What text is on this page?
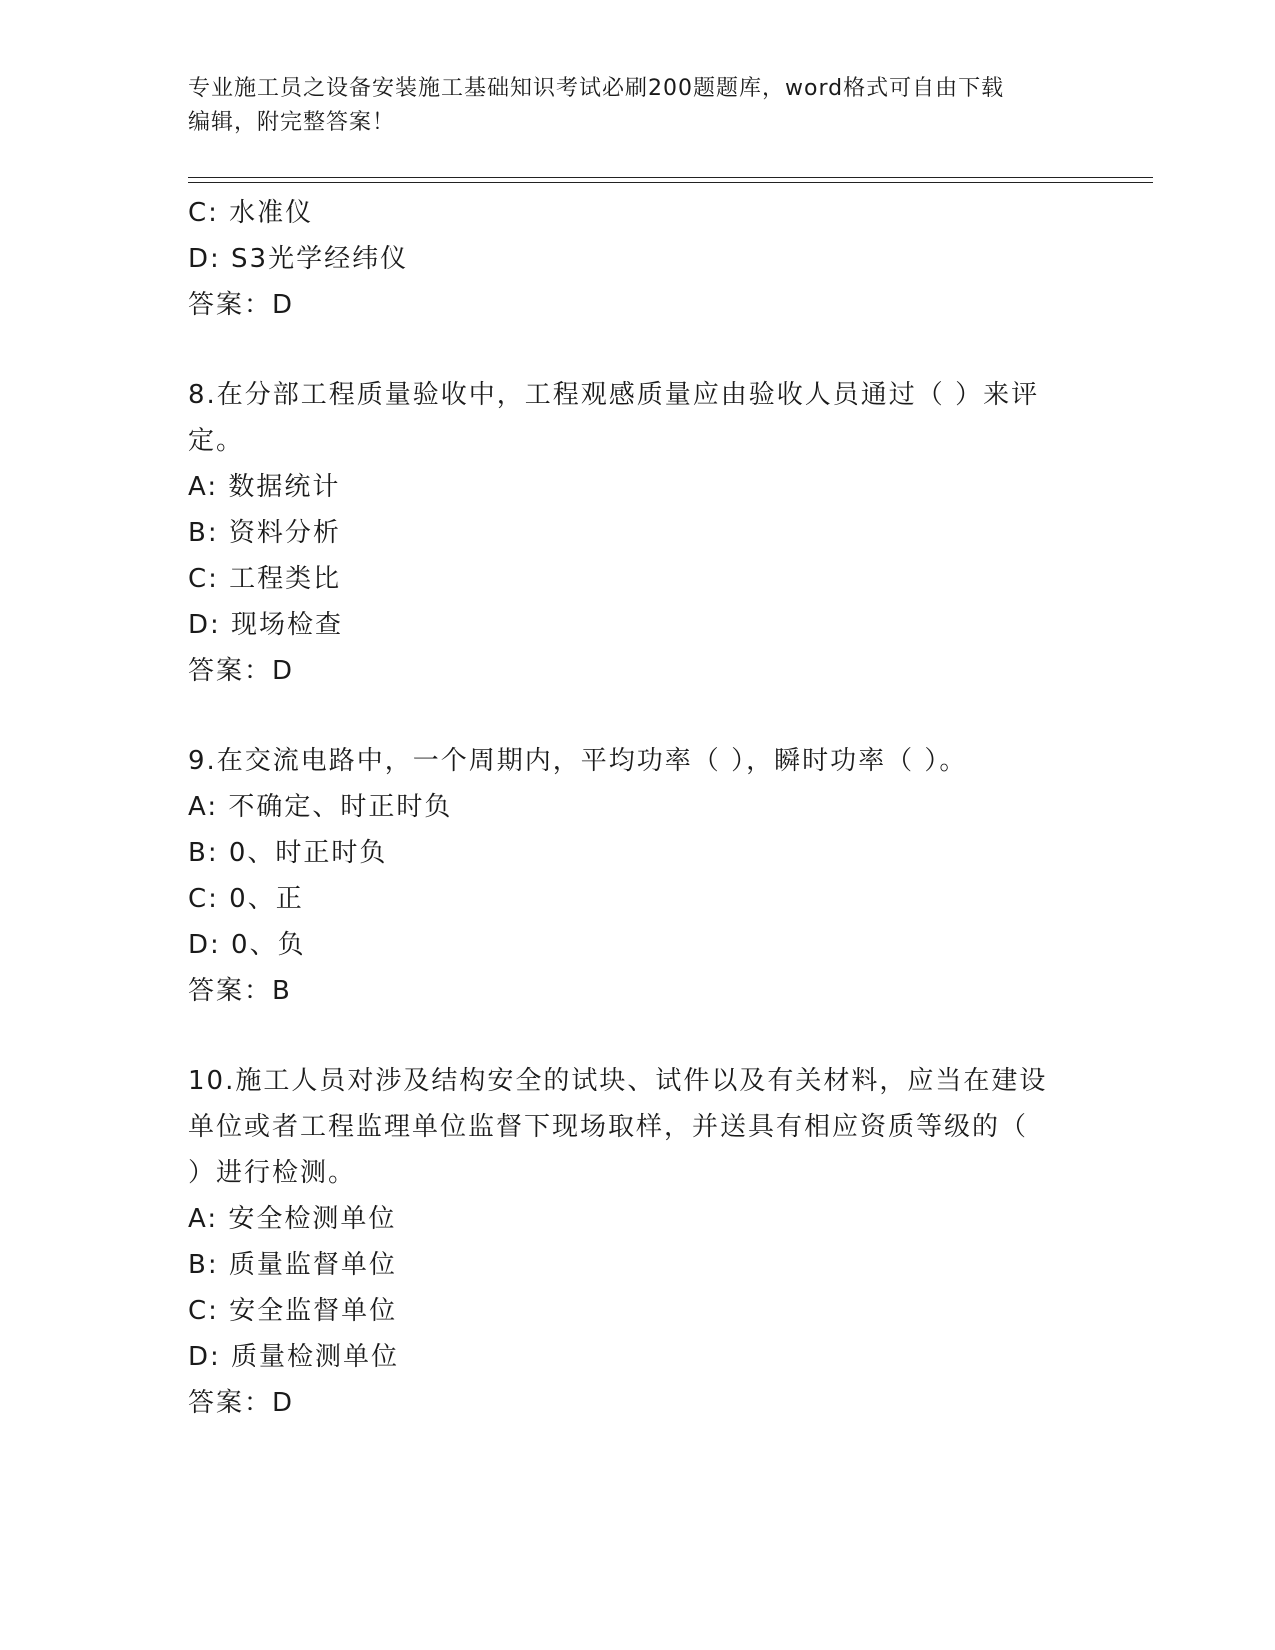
专业施工员之设备安装施工基础知识考试必刷200题题库，word格式可自由下载
编辑，附完整答案！
C: 水准仪
D: S3光学经纬仪
答案：D
8.在分部工程质量验收中，工程观感质量应由验收人员通过（ ）来评
定。
A: 数据统计
B: 资料分析
C: 工程类比
D: 现场检查
答案：D
9.在交流电路中，一个周期内，平均功率（ ），瞬时功率（ ）。
A: 不确定、时正时负
B: 0、时正时负
C: 0、正
D: 0、负
答案：B
10.施工人员对涉及结构安全的试块、试件以及有关材料，应当在建设
单位或者工程监理单位监督下现场取样，并送具有相应资质等级的（
）进行检测。
A: 安全检测单位
B: 质量监督单位
C: 安全监督单位
D: 质量检测单位
答案：D
